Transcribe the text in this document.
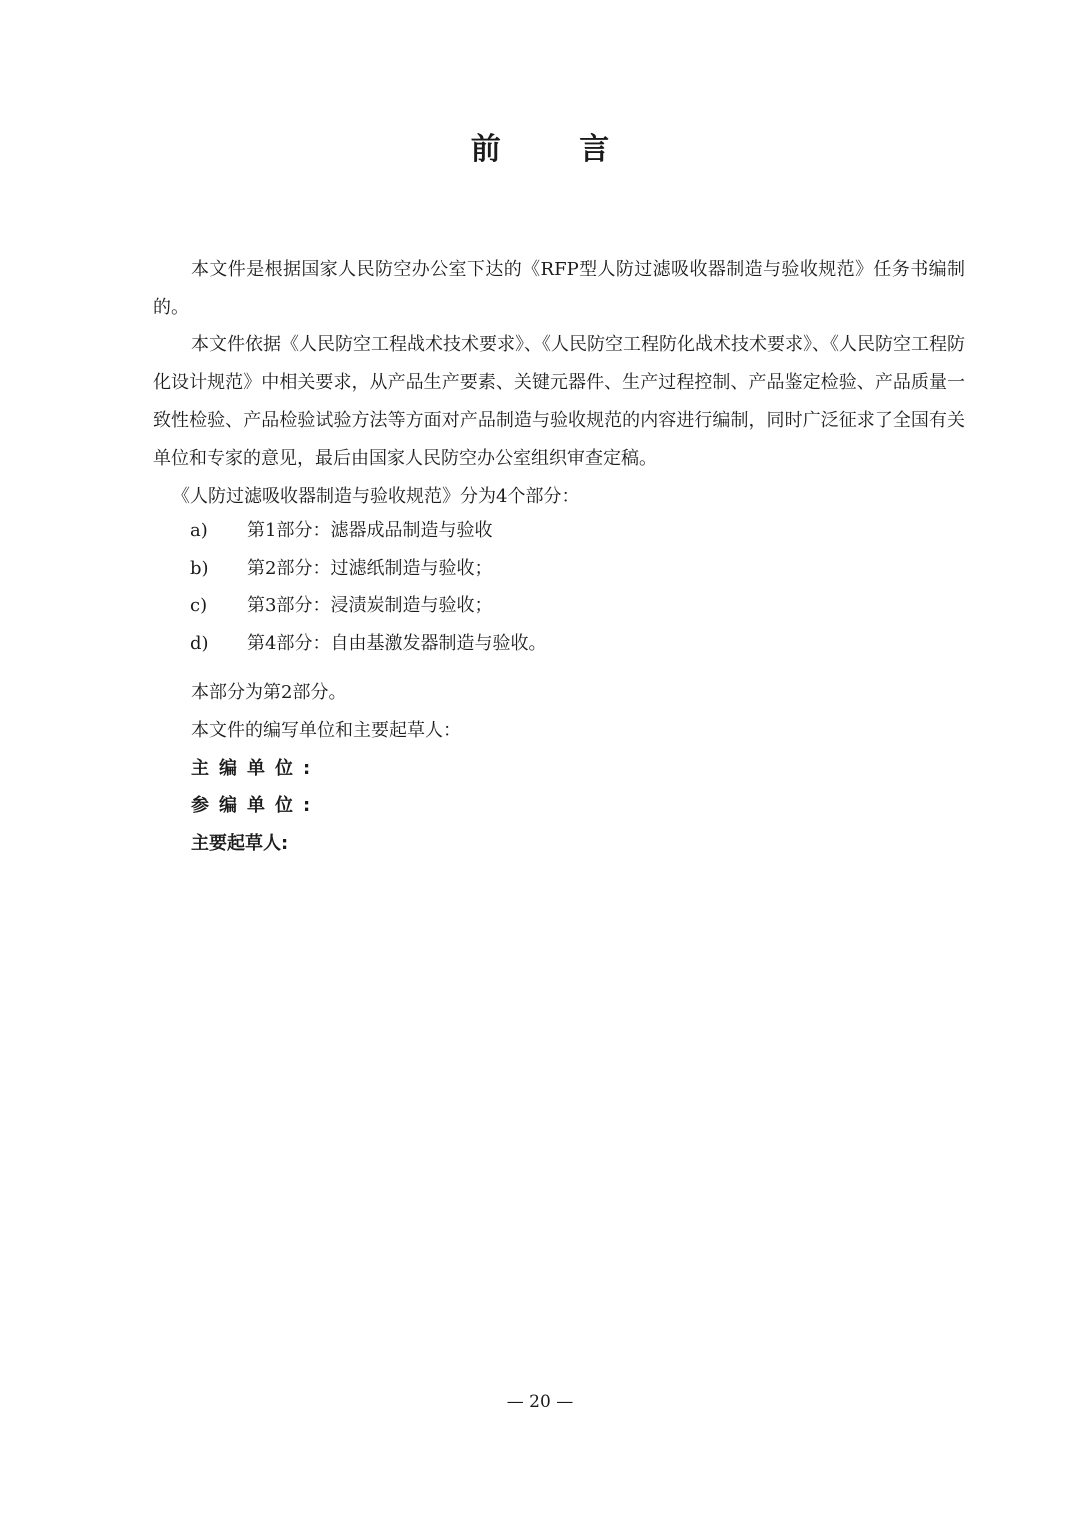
前 言

本文件是根据国家人民防空办公室下达的《RFP型人防过滤吸收器制造与验收规范》任务书编制的。

本文件依据《人民防空工程战术技术要求》、《人民防空工程防化战术技术要求》、《人民防空工程防化设计规范》中相关要求，从产品生产要素、关键元器件、生产过程控制、产品鉴定检验、产品质量一致性检验、产品检验试验方法等方面对产品制造与验收规范的内容进行编制，同时广泛征求了全国有关单位和专家的意见，最后由国家人民防空办公室组织审查定稿。

《人防过滤吸收器制造与验收规范》分为4个部分：

a)	第1部分：滤器成品制造与验收
b)	第2部分：过滤纸制造与验收；
c)	第3部分：浸渍炭制造与验收；
d)	第4部分：自由基激发器制造与验收。
本部分为第2部分。
本文件的编写单位和主要起草人：
主编单位:
参编单位:
主要起草人:
— 20 —
